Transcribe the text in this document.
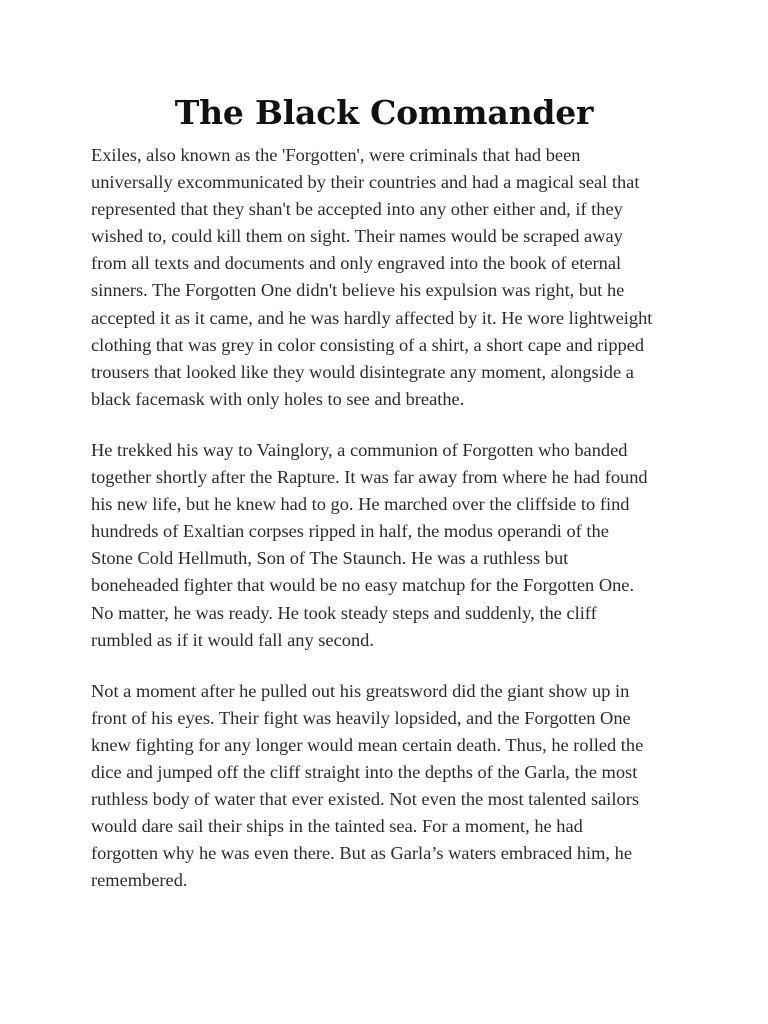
The Black Commander

Exiles, also known as the 'Forgotten', were criminals that had been
universally excommunicated by their countries and had a magical seal that
represented that they shan't be accepted into any other either and, if they
wished to, could kill them on sight. Their names would be scraped away
from all texts and documents and only engraved into the book of eternal
sinners. The Forgotten One didn't believe his expulsion was right, but he
accepted it as it came, and he was hardly affected by it. He wore lightweight
clothing that was grey in color consisting of a shirt, a short cape and ripped
trousers that looked like they would disintegrate any moment, alongside a
black facemask with only holes to see and breathe.

He trekked his way to Vainglory, a communion of Forgotten who banded
together shortly after the Rapture. It was far away from where he had found
his new life, but he knew had to go. He marched over the cliffside to find
hundreds of Exaltian corpses ripped in half, the modus operandi of the
Stone Cold Hellmuth, Son of The Staunch. He was a ruthless but
boneheaded fighter that would be no easy matchup for the Forgotten One.
No matter, he was ready. He took steady steps and suddenly, the cliff
rumbled as if it would fall any second.

Not a moment after he pulled out his greatsword did the giant show up in
front of his eyes. Their fight was heavily lopsided, and the Forgotten One
knew fighting for any longer would mean certain death. Thus, he rolled the
dice and jumped off the cliff straight into the depths of the Garla, the most
ruthless body of water that ever existed. Not even the most talented sailors
would dare sail their ships in the tainted sea. For a moment, he had
forgotten why he was even there. But as Garla’s waters embraced him, he
remembered.
